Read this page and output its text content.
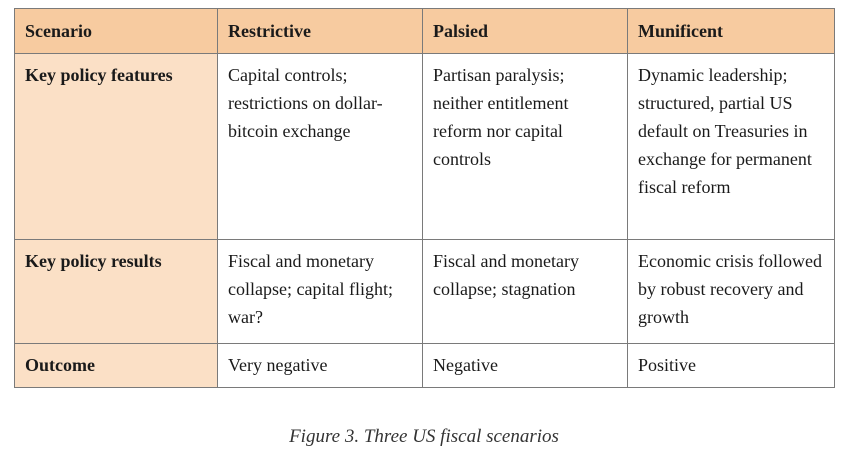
Scenario	Restrictive	Palsied	Munificent
Key policy features	Capital controls; restrictions on dollar-bitcoin exchange	Partisan paralysis; neither entitlement reform nor capital controls	Dynamic leadership; structured, partial US default on Treasuries in exchange for permanent fiscal reform
Key policy results	Fiscal and monetary collapse; capital flight; war?	Fiscal and monetary collapse; stagnation	Economic crisis followed by robust recovery and growth
Outcome	Very negative	Negative	Positive
Figure 3. Three US fiscal scenarios
